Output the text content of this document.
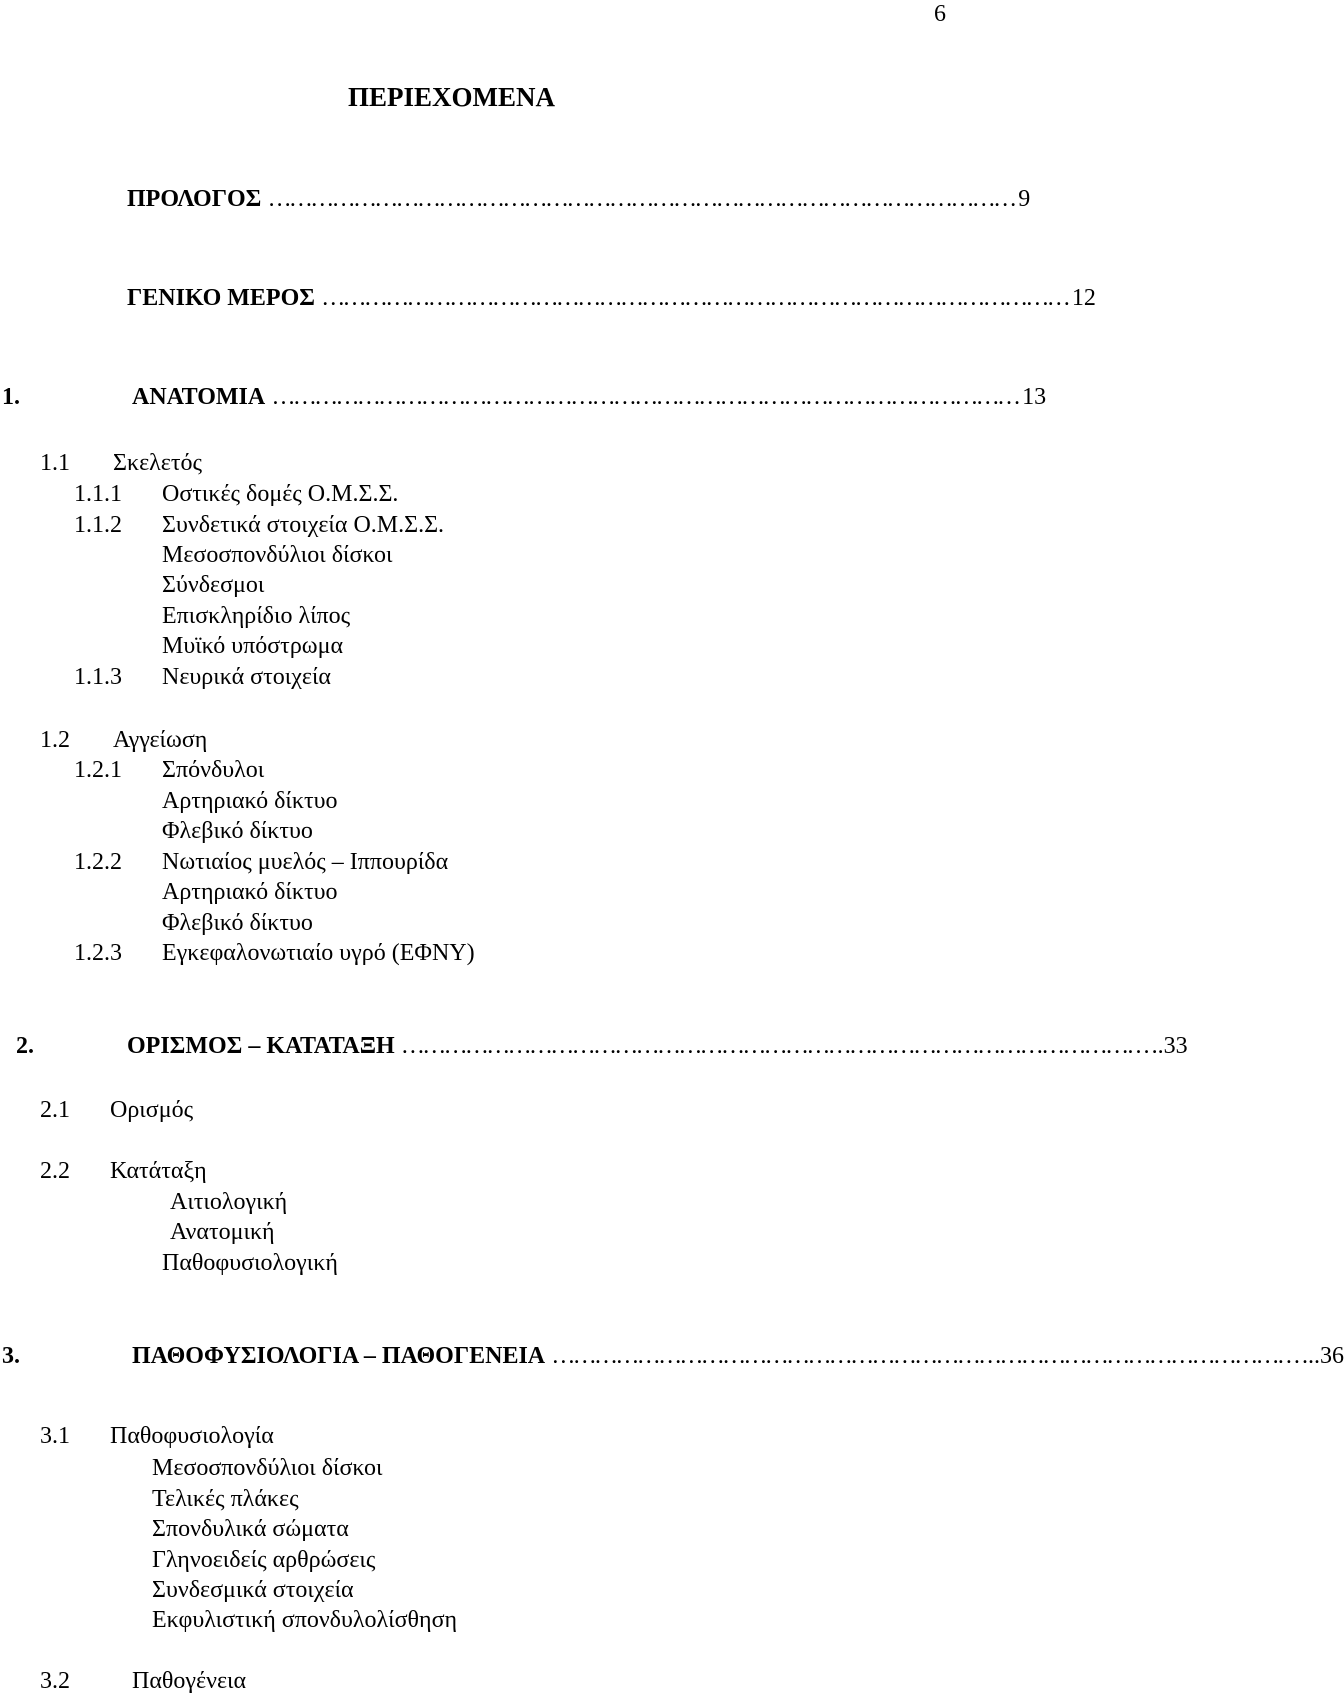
6
ΠΕΡΙΕΧΟΜΕΝΑ
ΠΡΟΛΟΓΟΣ …………………………………………………………………………………………… 9
ΓΕΝΙΚΟ ΜΕΡΟΣ …………………………………………………………………………………………… 12
1.	ΑΝΑΤΟΜΙΑ …………………………………………………………………………………………… 13
1.1 Σκελετός
1.1.1 Οστικές δομές Ο.Μ.Σ.Σ.
1.1.2 Συνδετικά στοιχεία Ο.Μ.Σ.Σ.
Μεσοσπονδύλιοι δίσκοι
Σύνδεσμοι
Επισκληρίδιο λίπος
Μυϊκό υπόστρωμα
1.1.3 Νευρικά στοιχεία
1.2 Αγγείωση
1.2.1 Σπόνδυλοι
Αρτηριακό δίκτυο
Φλεβικό δίκτυο
1.2.2 Νωτιαίος μυελός – Ιππουρίδα
Αρτηριακό δίκτυο
Φλεβικό δίκτυο
1.2.3 Εγκεφαλονωτιαίο υγρό (ΕΦΝΥ)
2.	ΟΡΙΣΜΟΣ – ΚΑΤΑΤΑΞΗ …………………………………………………………………………………………… ..33
2.1 Ορισμός
2.2 Κατάταξη
Αιτιολογική
Ανατομική
Παθοφυσιολογική
3.	ΠΑΘΟΦΥΣΙΟΛΟΓΙΑ – ΠΑΘΟΓΕΝΕΙΑ …………………………………………………………………………………………… ...36
3.1 Παθοφυσιολογία
Μεσοσπονδύλιοι δίσκοι
Τελικές πλάκες
Σπονδυλικά σώματα
Γληνοειδείς αρθρώσεις
Συνδεσμικά στοιχεία
Εκφυλιστική σπονδυλολίσθηση
3.2	Παθογένεια
